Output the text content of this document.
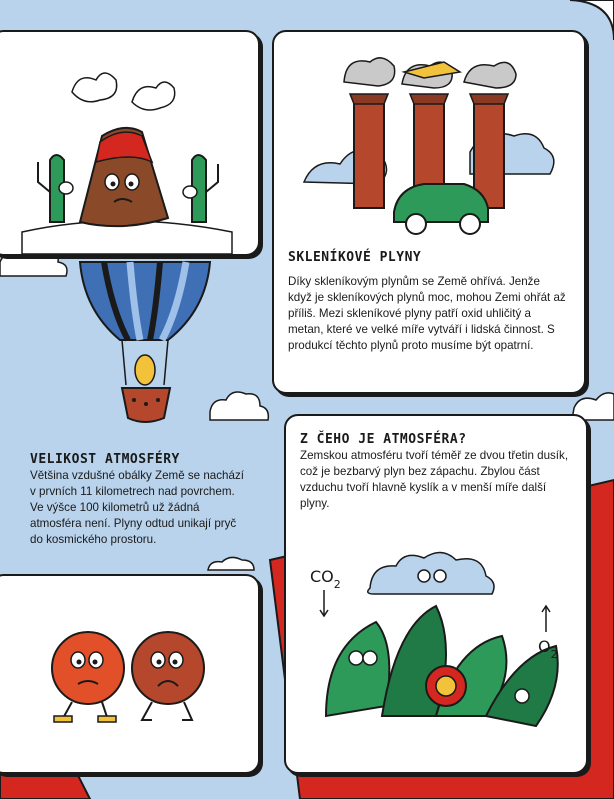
SKLENÍKOVÉ PLYNY

Díky skleníkovým plynům se Země ohřívá. Jenže když je skleníkových plynů moc, mohou Zemi ohřát až příliš. Mezi skleníkové plyny patří oxid uhličitý a metan, které ve velké míře vytváří i lidská činnost. S produkcí těchto plynů proto musíme být opatrní.

VELIKOST ATMOSFÉRY

Většina vzdušné obálky Země se nachází v prvních 11 kilometrech nad povrchem. Ve výšce 100 kilometrů už žádná atmosféra není. Plyny odtud unikají pryč do kosmického prostoru.

Z ČEHO JE ATMOSFÉRA?

Zemskou atmosféru tvoří téměř ze dvou třetin dusík, což je bezbarvý plyn bez zápachu. Zbylou část vzduchu tvoří hlavně kyslík a v menší míře další plyny.

$CO_2$
$O_2$
